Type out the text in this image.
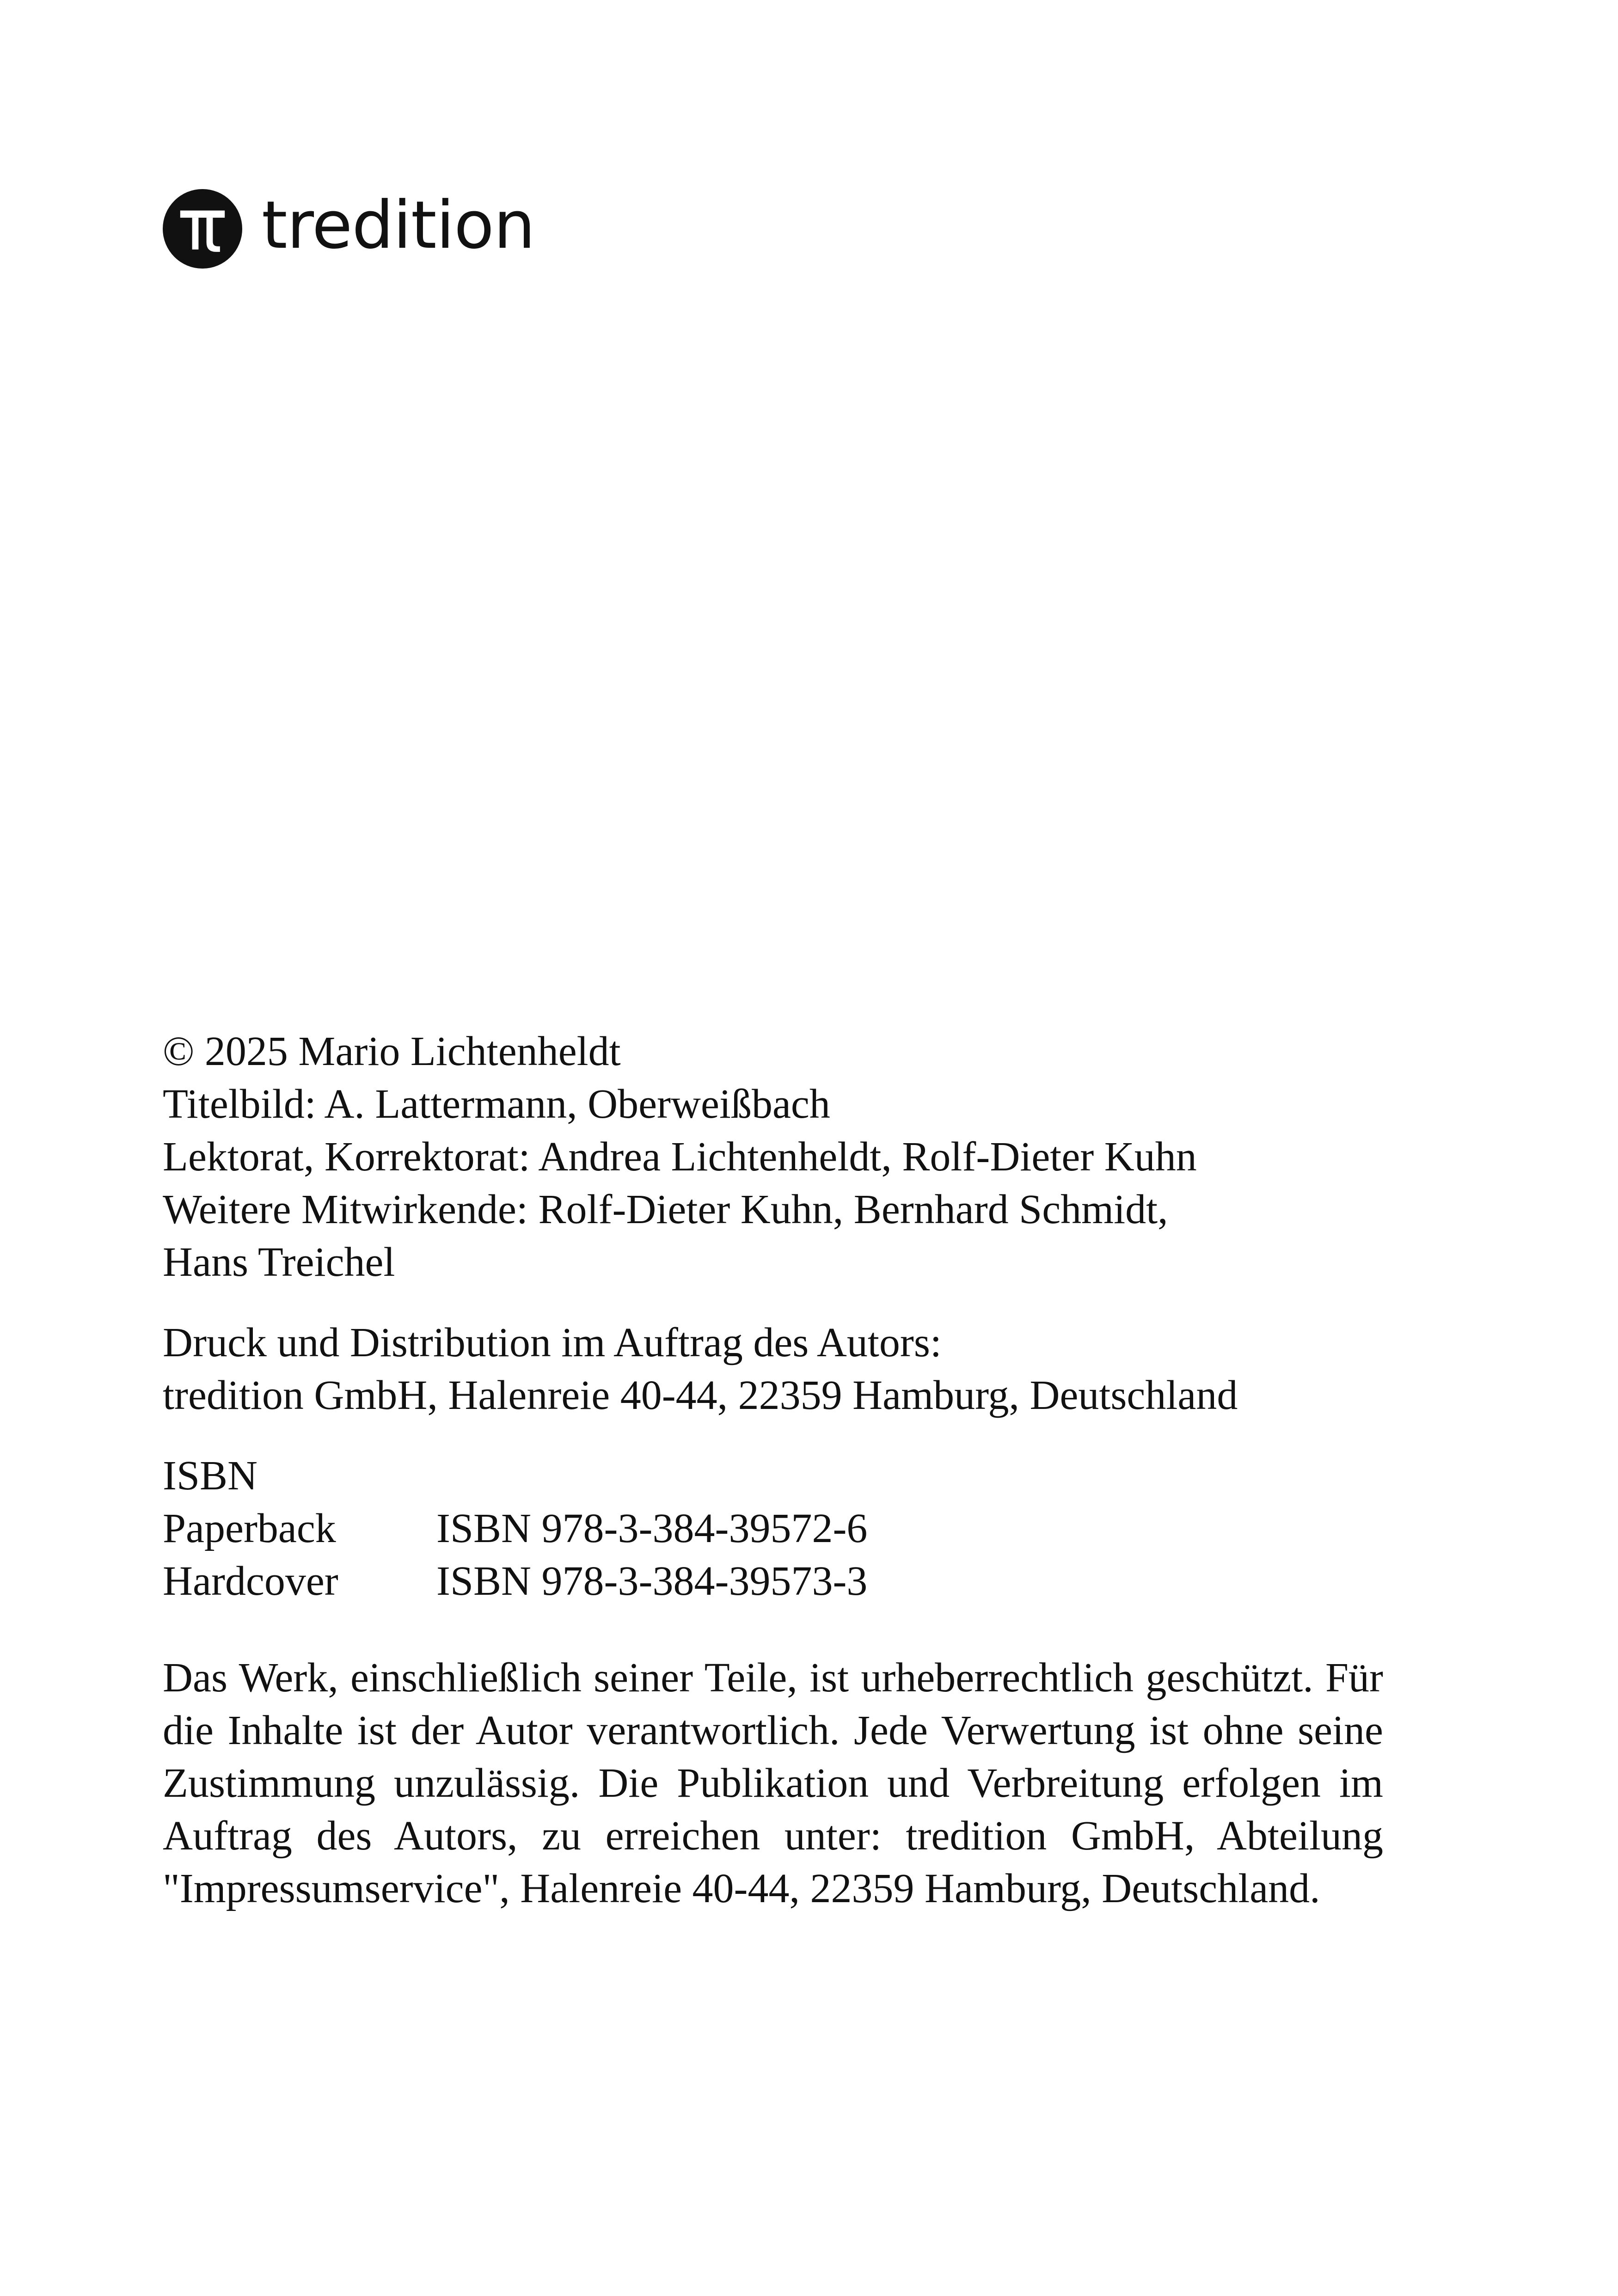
tredition
© 2025 Mario Lichtenheldt
Titelbild: A. Lattermann, Oberweißbach
Lektorat, Korrektorat: Andrea Lichtenheldt, Rolf-Dieter Kuhn
Weitere Mitwirkende: Rolf-Dieter Kuhn, Bernhard Schmidt,
Hans Treichel
Druck und Distribution im Auftrag des Autors:
tredition GmbH, Halenreie 40-44, 22359 Hamburg, Deutschland
ISBN
Paperback	ISBN 978-3-384-39572-6
Hardcover	ISBN 978-3-384-39573-3

Das Werk, einschließlich seiner Teile, ist urheberrechtlich geschützt. Für die Inhalte ist der Autor verantwortlich. Jede Verwertung ist ohne seine Zustimmung unzulässig. Die Publikation und Verbreitung erfolgen im Auftrag des Autors, zu erreichen unter: tredition GmbH, Abteilung "Impressumservice", Halenreie 40-44, 22359 Hamburg, Deutschland.
